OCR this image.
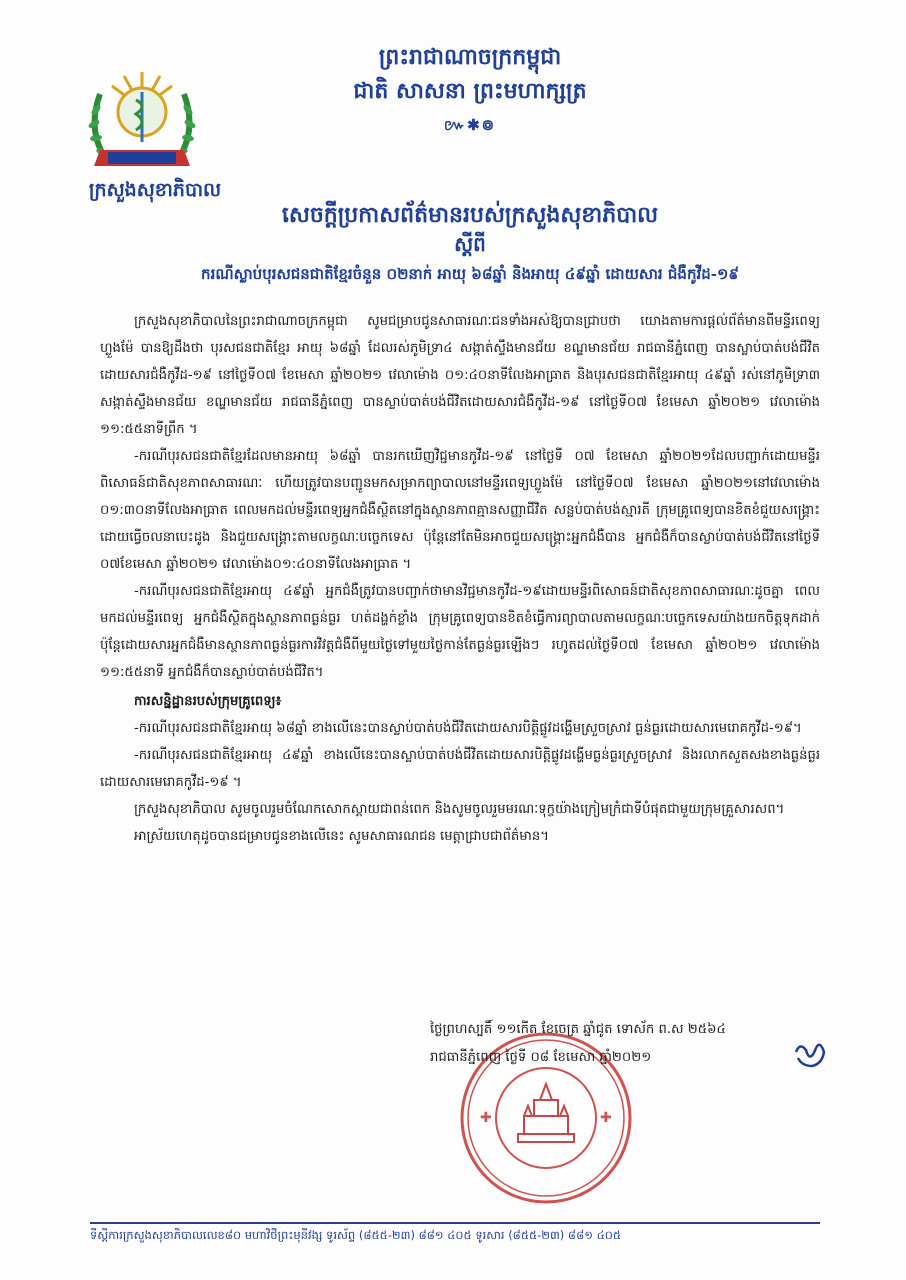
ក្រសួងសុខាភិបាល
ព្រះរាជាណាចក្រកម្ពុជា
ជាតិ សាសនា ព្រះមហាក្សត្រ
៚✱៙
សេចក្តីប្រកាសព័ត៌មានរបស់ក្រសួងសុខាភិបាល
ស្តីពី
ករណីស្លាប់បុរសជនជាតិខ្មែរចំនួន ០២នាក់ អាយុ ៦៨ឆ្នាំ និងអាយុ ៤៩ឆ្នាំ ដោយសារ ជំងឺកូវីដ-១៩

ក្រសួងសុខាភិបាលនៃព្រះរាជាណាចក្រកម្ពុជា សូមជម្រាបជូនសាធារណៈជនទាំងអស់ឱ្យបានជ្រាបថា យោងតាមការផ្តល់ព័ត៌មានពីមន្ទីរពេទ្យហ្លួងម៉ែ បានឱ្យដឹងថា បុរសជនជាតិខ្មែរ អាយុ ៦៨ឆ្នាំ ដែលរស់ភូមិទ្រា៤ សង្កាត់ស្ទឹងមានជ័យ ខណ្ឌមានជ័យ រាជធានីភ្នំពេញ បានស្លាប់បាត់បង់ជីវិតដោយសារជំងឺកូវីដ-១៩ នៅថ្ងៃទី០៧ ខែមេសា ឆ្នាំ២០២១ វេលាម៉ោង ០១:៤០នាទីលែងអាធ្រាត និងបុរសជនជាតិខ្មែរអាយុ ៤៩ឆ្នាំ រស់នៅភូមិទ្រា៣ សង្កាត់ស្ទឹងមានជ័យ ខណ្ឌមានជ័យ រាជធានីភ្នំពេញ បានស្លាប់បាត់បង់ជីវិតដោយសារជំងឺកូវីដ-១៩ នៅថ្ងៃទី០៧ ខែមេសា ឆ្នាំ២០២១ វេលាម៉ោង ១១:៥៥នាទីព្រឹក ។

-ករណីបុរសជនជាតិខ្មែរដែលមានអាយុ ៦៨ឆ្នាំ បានរកឃើញវិជ្ជមានកូវីដ-១៩ នៅថ្ងៃទី ០៧ ខែមេសា ឆ្នាំ២០២១ដែលបញ្ជាក់ដោយមន្ទីរពិសោធន៍ជាតិសុខភាពសាធារណៈ ហើយត្រូវបានបញ្ជូនមកសម្រាកព្យាបាលនៅមន្ទីរពេទ្យហ្លួងម៉ែ នៅថ្ងៃទី០៧ ខែមេសា ឆ្នាំ២០២១នៅវេលាម៉ោង ០១:៣០នាទីលែងអាធ្រាត ពេលមកដល់មន្ទីរពេទ្យអ្នកជំងឺស្ថិតនៅក្នុងស្ថានភាពគ្មានសញ្ញាជីវិត សន្លប់បាត់បង់ស្មារតី ក្រុមគ្រូពេទ្យបានខិតខំជួយសង្គ្រោះដោយធ្វើចលនាបេះដូង និងជួយសង្គ្រោះតាមលក្ខណៈបច្ចេកទេស ប៉ុន្តែនៅតែមិនអាចជួយសង្គ្រោះអ្នកជំងឺបាន អ្នកជំងឺក៏បានស្លាប់បាត់បង់ជីវិតនៅថ្ងៃទី ០៧ខែមេសា ឆ្នាំ២០២១ វេលាម៉ោង០១:៤០នាទីលែងអាធ្រាត ។

-ករណីបុរសជនជាតិខ្មែរអាយុ ៤៩ឆ្នាំ អ្នកជំងឺត្រូវបានបញ្ជាក់ថាមានវិជ្ជមានកូវីដ-១៩ដោយមន្ទីរពិសោធន៍ជាតិសុខភាពសាធារណៈដូចគ្នា ពេលមកដល់មន្ទីរពេទ្យ អ្នកជំងឺស្ថិតក្នុងស្ថានភាពធ្ងន់ធ្ងរ ហត់ដង្ហក់ខ្លាំង ក្រុមគ្រូពេទ្យបានខិតខំធ្វើការព្យាបាលតាមលក្ខណៈបច្ចេកទេសយ៉ាងយកចិត្តទុកដាក់ ប៉ុន្តែដោយសារអ្នកជំងឺមានស្ថានភាពធ្ងន់ធ្ងរការវិវត្តជំងឺពីមួយថ្ងៃទៅមួយថ្ងៃកាន់តែធ្ងន់ធ្ងរឡើងៗ រហូតដល់ថ្ងៃទី០៧ ខែមេសា ឆ្នាំ២០២១ វេលាម៉ោង ១១:៥៥នាទី អ្នកជំងឺក៏បានស្លាប់បាត់បង់ជីវិត។

ការសន្និដ្ឋានរបស់ក្រុមគ្រូពេទ្យ៖

-ករណីបុរសជនជាតិខ្មែរអាយុ ៦៨ឆ្នាំ ខាងលើនេះបានស្លាប់បាត់បង់ជីវិតដោយសារបិត្តិផ្លូវដង្ហើមស្រួចស្រាវ ធ្ងន់ធ្ងរដោយសារមេរោគកូវីដ-១៩។

-ករណីបុរសជនជាតិខ្មែរអាយុ ៤៩ឆ្នាំ ខាងលើនេះបានស្លាប់បាត់បង់ជីវិតដោយសារបិត្តិផ្លូវដង្ហើមធ្ងន់ធ្ងរស្រួចស្រាវ និងរលាកសួតសងខាងធ្ងន់ធ្ងរ ដោយសារមេរោគកូវីដ-១៩ ។

ក្រសួងសុខាភិបាល សូមចូលរួមចំណែកសោកស្តាយជាពន់ពេក និងសូមចូលរួមមរណៈទុក្ខយ៉ាងក្រៀមក្រំជាទីបំផុតជាមួយក្រុមគ្រួសារសព។

អាស្រ័យហេតុដូចបានជម្រាបជូនខាងលើនេះ សូមសាធារណជន មេត្តាជ្រាបជាព័ត៌មាន។

✚	✚
ថ្ងៃព្រហស្បតិ៍ ១១កើត ខែចេត្រ ឆ្នាំជូត ទោស័ក ព.ស ២៥៦៤
រាជធានីភ្នំពេញ ថ្ងៃទី ០៨ ខែមេសា ឆ្នាំ២០២១
ទីស្តីការក្រសួងសុខាភិបាលលេខ៨០ មហាវិថីព្រះមុនីវង្ស ទូរស័ព្ទ (៨៥៥-២៣) ៨៨១ ៤០៥ ទូរសារ (៨៥៥-២៣) ៨៨១ ៤០៥
